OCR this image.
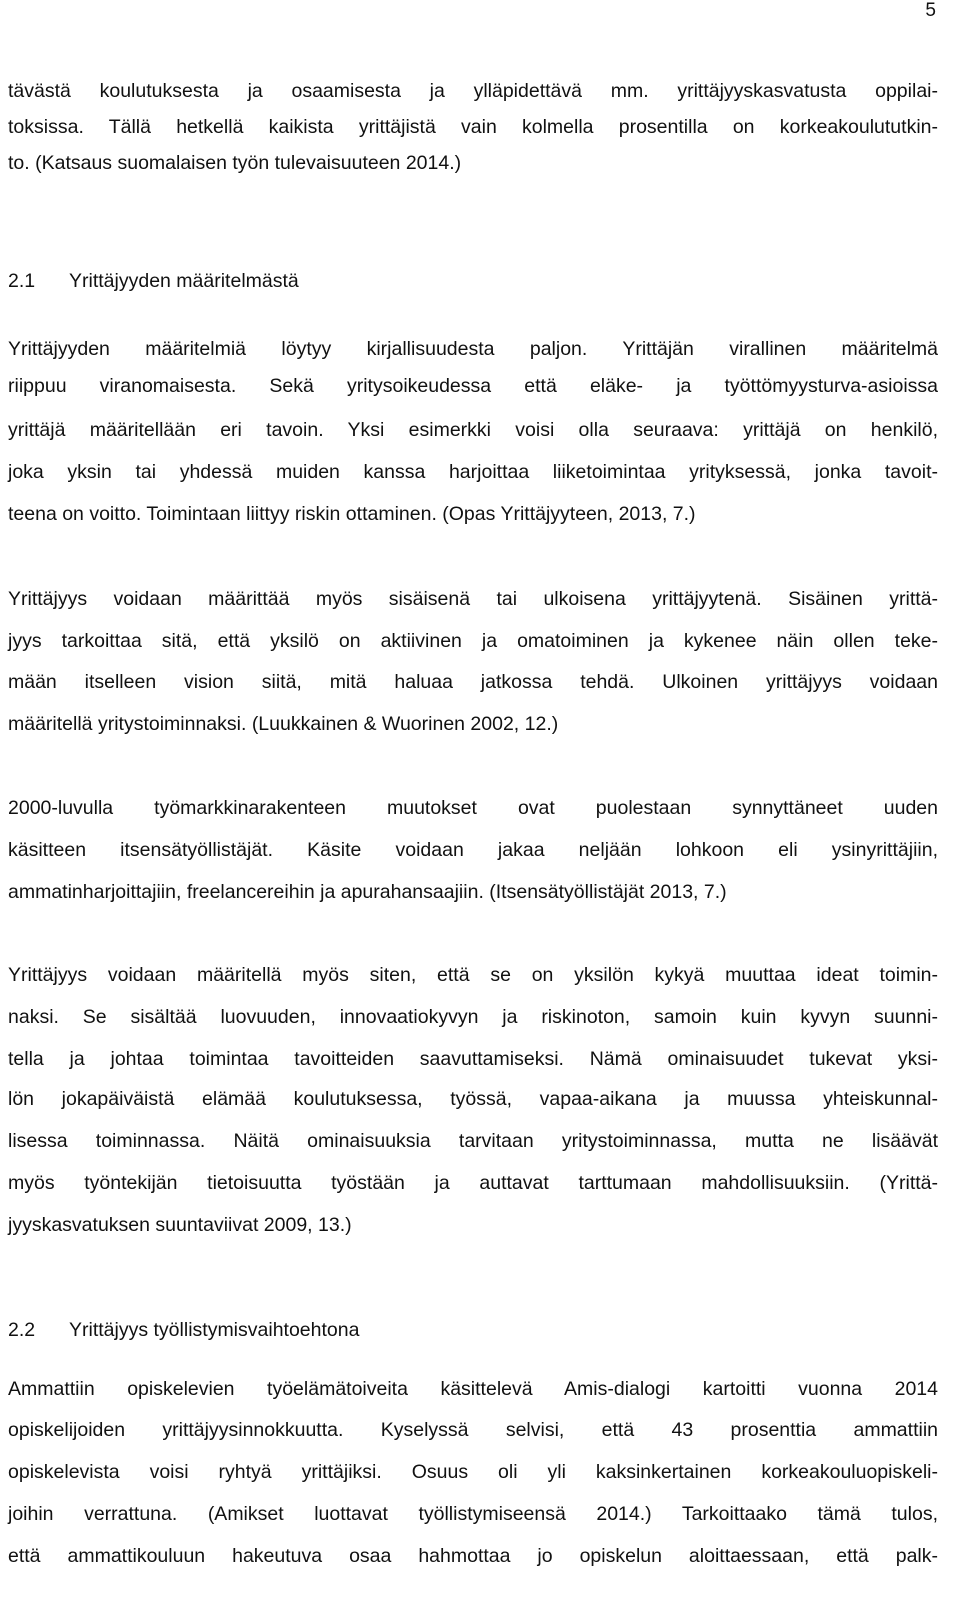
5
tävästä koulutuksesta ja osaamisesta ja ylläpidettävä mm. yrittäjyyskasvatusta oppilai-
toksissa. Tällä hetkellä kaikista yrittäjistä vain kolmella prosentilla on korkeakoulututkin-
to. (Katsaus suomalaisen työn tulevaisuuteen 2014.)
2.1 Yrittäjyyden määritelmästä
Yrittäjyyden määritelmiä löytyy kirjallisuudesta paljon. Yrittäjän virallinen määritelmä
riippuu viranomaisesta. Sekä yritysoikeudessa että eläke- ja työttömyysturva-asioissa
yrittäjä määritellään eri tavoin. Yksi esimerkki voisi olla seuraava: yrittäjä on henkilö,
joka yksin tai yhdessä muiden kanssa harjoittaa liiketoimintaa yrityksessä, jonka tavoit-
teena on voitto. Toimintaan liittyy riskin ottaminen. (Opas Yrittäjyyteen, 2013, 7.)
Yrittäjyys voidaan määrittää myös sisäisenä tai ulkoisena yrittäjyytenä. Sisäinen yrittä-
jyys tarkoittaa sitä, että yksilö on aktiivinen ja omatoiminen ja kykenee näin ollen teke-
mään itselleen vision siitä, mitä haluaa jatkossa tehdä. Ulkoinen yrittäjyys voidaan
määritellä yritystoiminnaksi. (Luukkainen & Wuorinen 2002, 12.)
2000-luvulla työmarkkinarakenteen muutokset ovat puolestaan synnyttäneet uuden
käsitteen itsensätyöllistäjät. Käsite voidaan jakaa neljään lohkoon eli ysinyrittäjiin,
ammatinharjoittajiin, freelancereihin ja apurahansaajiin. (Itsensätyöllistäjät 2013, 7.)
Yrittäjyys voidaan määritellä myös siten, että se on yksilön kykyä muuttaa ideat toimin-
naksi. Se sisältää luovuuden, innovaatiokyvyn ja riskinoton, samoin kuin kyvyn suunni-
tella ja johtaa toimintaa tavoitteiden saavuttamiseksi. Nämä ominaisuudet tukevat yksi-
lön jokapäiväistä elämää koulutuksessa, työssä, vapaa-aikana ja muussa yhteiskunnal-
lisessa toiminnassa. Näitä ominaisuuksia tarvitaan yritystoiminnassa, mutta ne lisäävät
myös työntekijän tietoisuutta työstään ja auttavat tarttumaan mahdollisuuksiin. (Yrittä-
jyyskasvatuksen suuntaviivat 2009, 13.)
2.2 Yrittäjyys työllistymisvaihtoehtona
Ammattiin opiskelevien työelämätoiveita käsittelevä Amis-dialogi kartoitti vuonna 2014
opiskelijoiden yrittäjyysinnokkuutta. Kyselyssä selvisi, että 43 prosenttia ammattiin
opiskelevista voisi ryhtyä yrittäjiksi. Osuus oli yli kaksinkertainen korkeakouluopiskeli-
joihin verrattuna. (Amikset luottavat työllistymiseensä 2014.) Tarkoittaako tämä tulos,
että ammattikouluun hakeutuva osaa hahmottaa jo opiskelun aloittaessaan, että palk-
